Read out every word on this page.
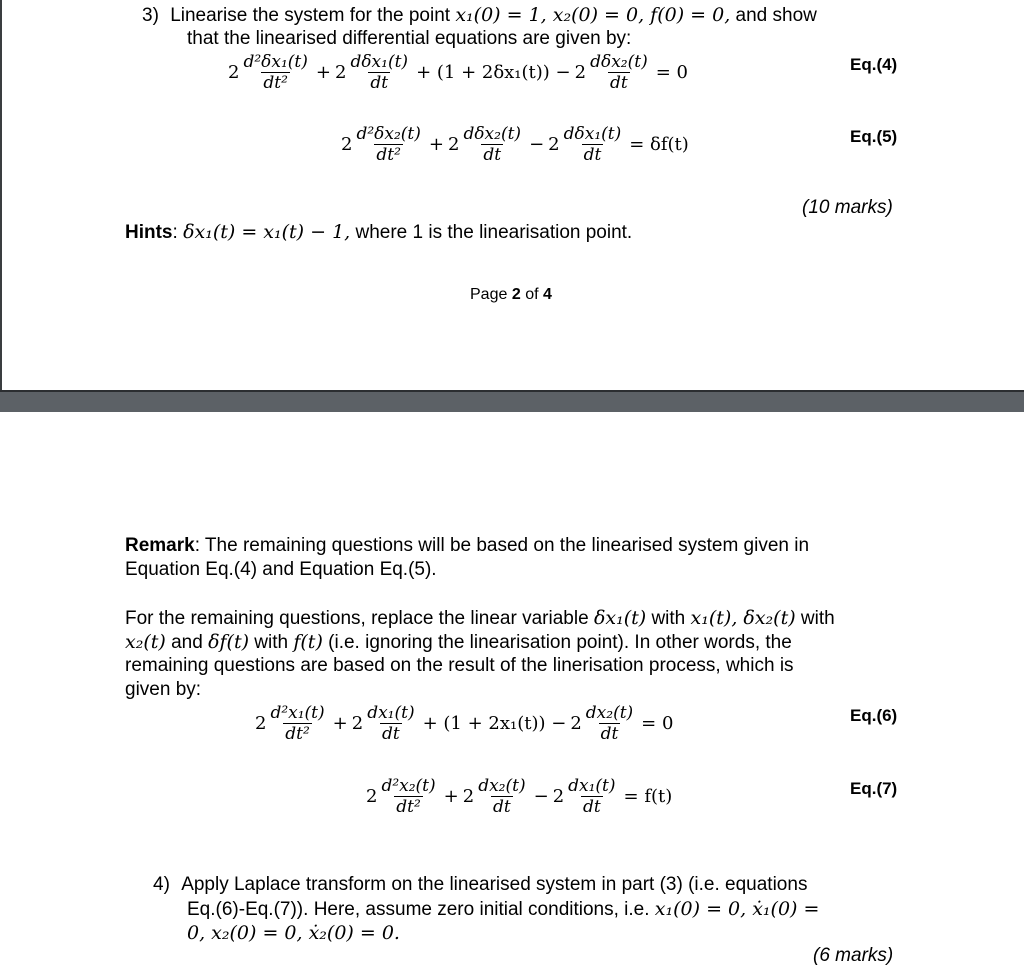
3) Linearise the system for the point x₁(0) = 1, x₂(0) = 0, f(0) = 0, and show
that the linearised differential equations are given by:
$2 \frac{\text{d²δx₁(t)}}{\text{dt²}} + 2 \frac{\text{dδx₁(t)}}{dt} + (1 + 2\delta x_1(t)) - 2 \frac{\text{dδx₂(t)}}{dt} = 0$	Eq.(4)
$2 \frac{\text{d²δx₂(t)}}{\text{dt²}} + 2 \frac{\text{dδx₂(t)}}{dt} - 2 \frac{\text{dδx₁(t)}}{dt} = \delta f(t)$	Eq.(5)
(10 marks)
Hints: δx₁(t) = x₁(t) − 1, where 1 is the linearisation point.
Page 2 of 4
Remark: The remaining questions will be based on the linearised system given in
Equation Eq.(4) and Equation Eq.(5).
For the remaining questions, replace the linear variable δx₁(t) with x₁(t), δx₂(t) with
x₂(t) and δf(t) with f(t) (i.e. ignoring the linearisation point). In other words, the
remaining questions are based on the result of the linerisation process, which is
given by:
$2 \frac{\text{d²x₁(t)}}{\text{dt²}} + 2 \frac{\text{dx₁(t)}}{dt} + (1 + 2x_1(t)) - 2 \frac{\text{dx₂(t)}}{dt} = 0$	Eq.(6)
$2 \frac{\text{d²x₂(t)}}{\text{dt²}} + 2 \frac{\text{dx₂(t)}}{dt} - 2 \frac{\text{dx₁(t)}}{dt} = f(t)$	Eq.(7)
4) Apply Laplace transform on the linearised system in part (3) (i.e. equations
Eq.(6)-Eq.(7)). Here, assume zero initial conditions, i.e. x₁(0) = 0, ẋ₁(0) =
0, x₂(0) = 0, ẋ₂(0) = 0.
(6 marks)
